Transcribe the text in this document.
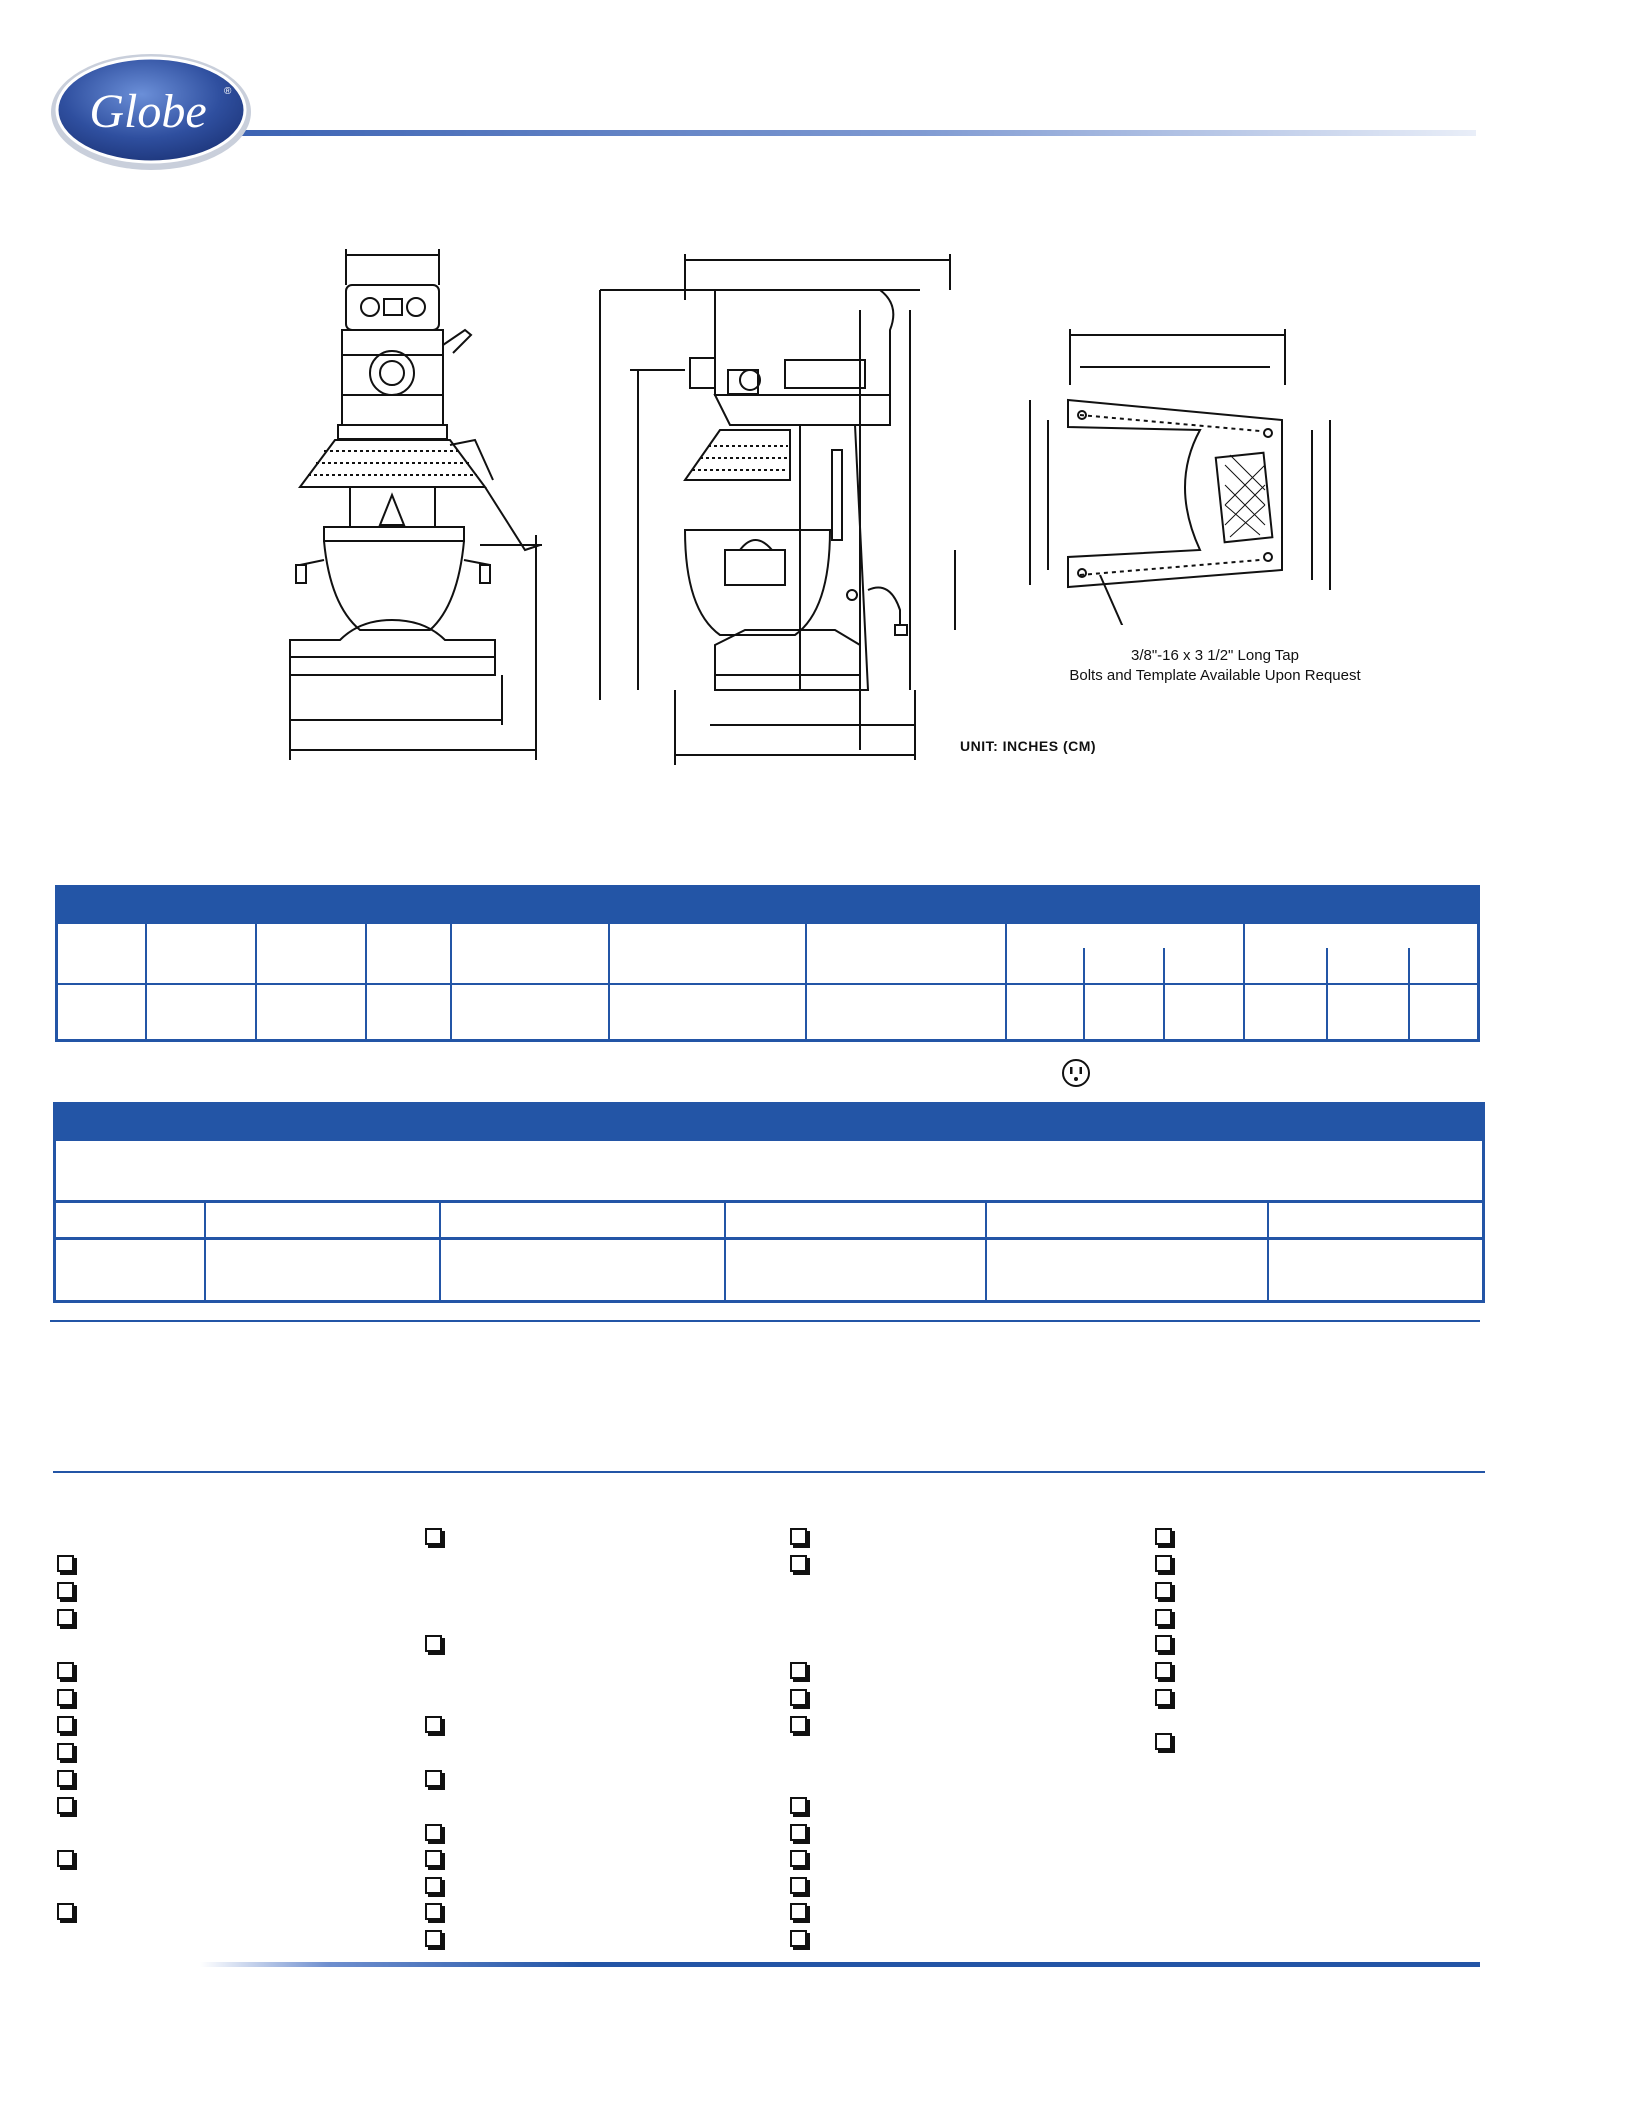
Globe ®
3/8"-16 x 3 1/2" Long Tap
Bolts and Template Available Upon Request
UNIT: INCHES (CM)
